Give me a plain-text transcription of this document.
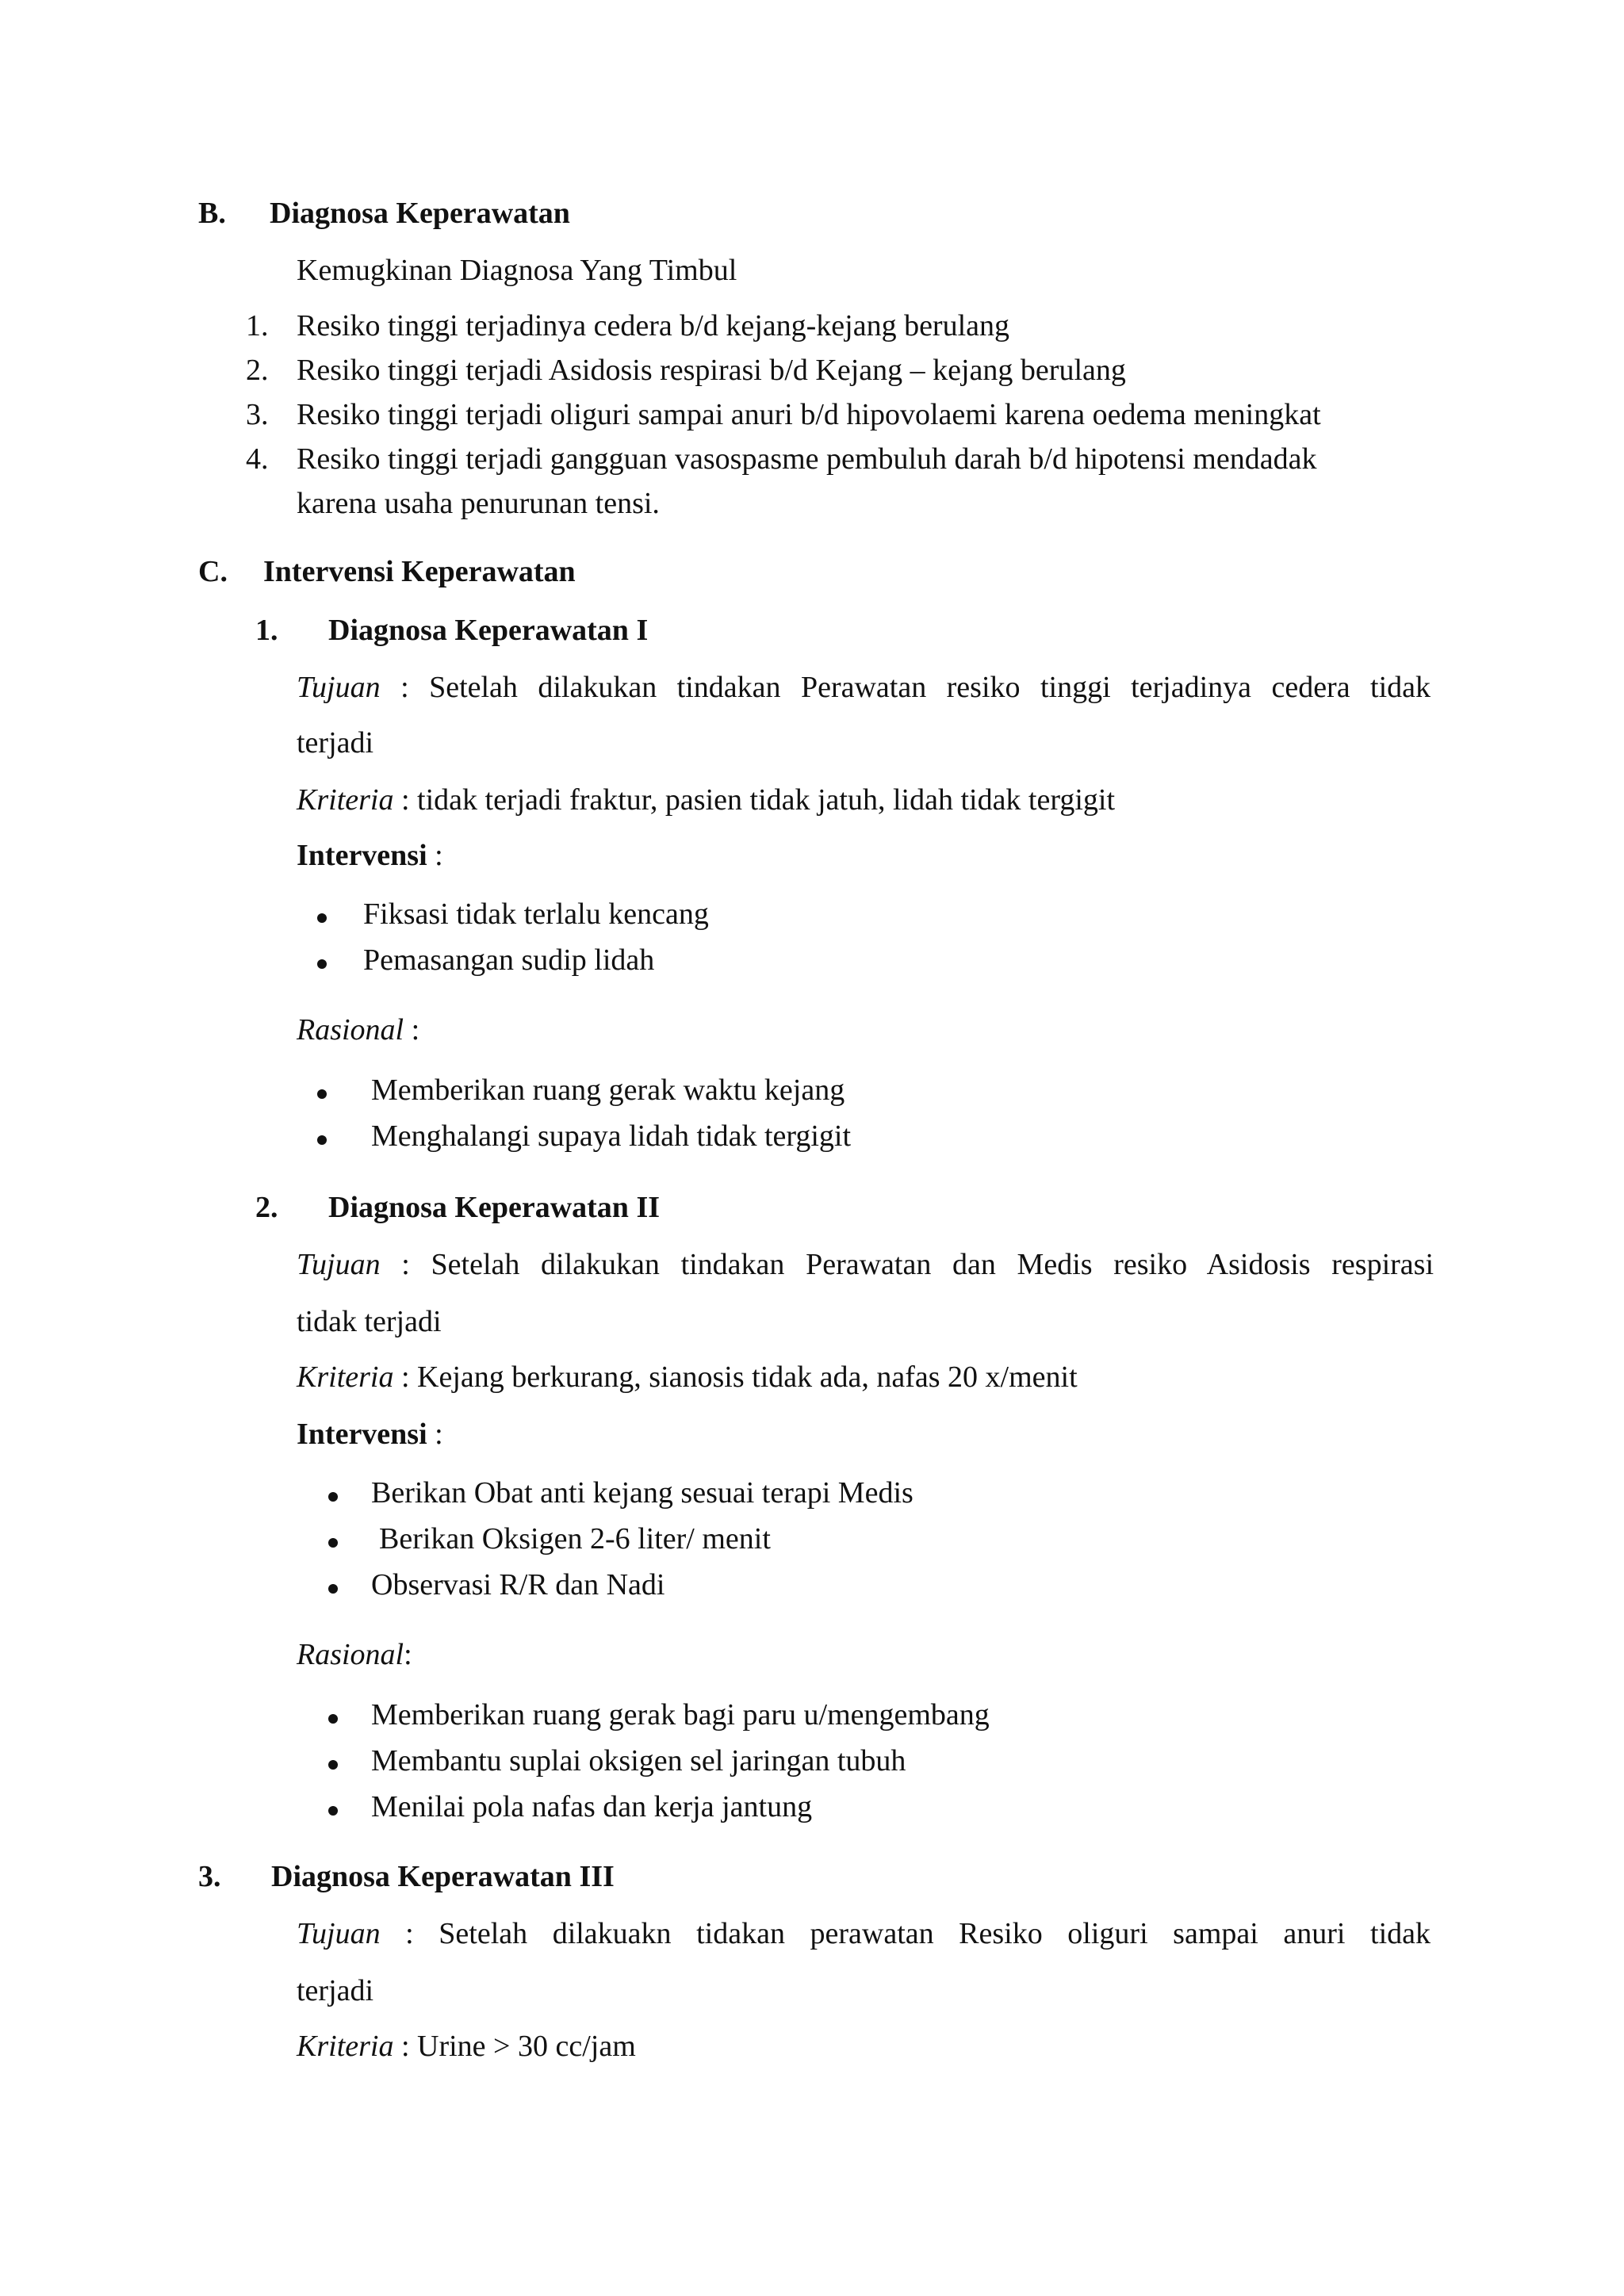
B. Diagnosa Keperawatan
Kemugkinan Diagnosa Yang Timbul
1. Resiko tinggi terjadinya cedera b/d kejang-kejang berulang
2. Resiko tinggi terjadi Asidosis respirasi b/d Kejang – kejang berulang
3. Resiko tinggi terjadi oliguri sampai anuri b/d hipovolaemi karena oedema meningkat
4. Resiko tinggi terjadi gangguan vasospasme pembuluh darah b/d hipotensi mendadak
karena usaha penurunan tensi.
C. Intervensi Keperawatan
1. Diagnosa Keperawatan I
Tujuan : Setelah dilakukan tindakan Perawatan resiko tinggi terjadinya cedera tidak
terjadi
Kriteria : tidak terjadi fraktur, pasien tidak jatuh, lidah tidak tergigit
Intervensi :
Fiksasi tidak terlalu kencang
Pemasangan sudip lidah
Rasional :
Memberikan ruang gerak waktu kejang
Menghalangi supaya lidah tidak tergigit
2. Diagnosa Keperawatan II
Tujuan : Setelah dilakukan tindakan Perawatan dan Medis resiko Asidosis respirasi
tidak terjadi
Kriteria : Kejang berkurang, sianosis tidak ada, nafas 20 x/menit
Intervensi :
Berikan Obat anti kejang sesuai terapi Medis
Berikan Oksigen 2-6 liter/ menit
Observasi R/R dan Nadi
Rasional:
Memberikan ruang gerak bagi paru u/mengembang
Membantu suplai oksigen sel jaringan tubuh
Menilai pola nafas dan kerja jantung
3. Diagnosa Keperawatan III
Tujuan : Setelah dilakuakn tidakan perawatan Resiko oliguri sampai anuri tidak
terjadi
Kriteria : Urine > 30 cc/jam
